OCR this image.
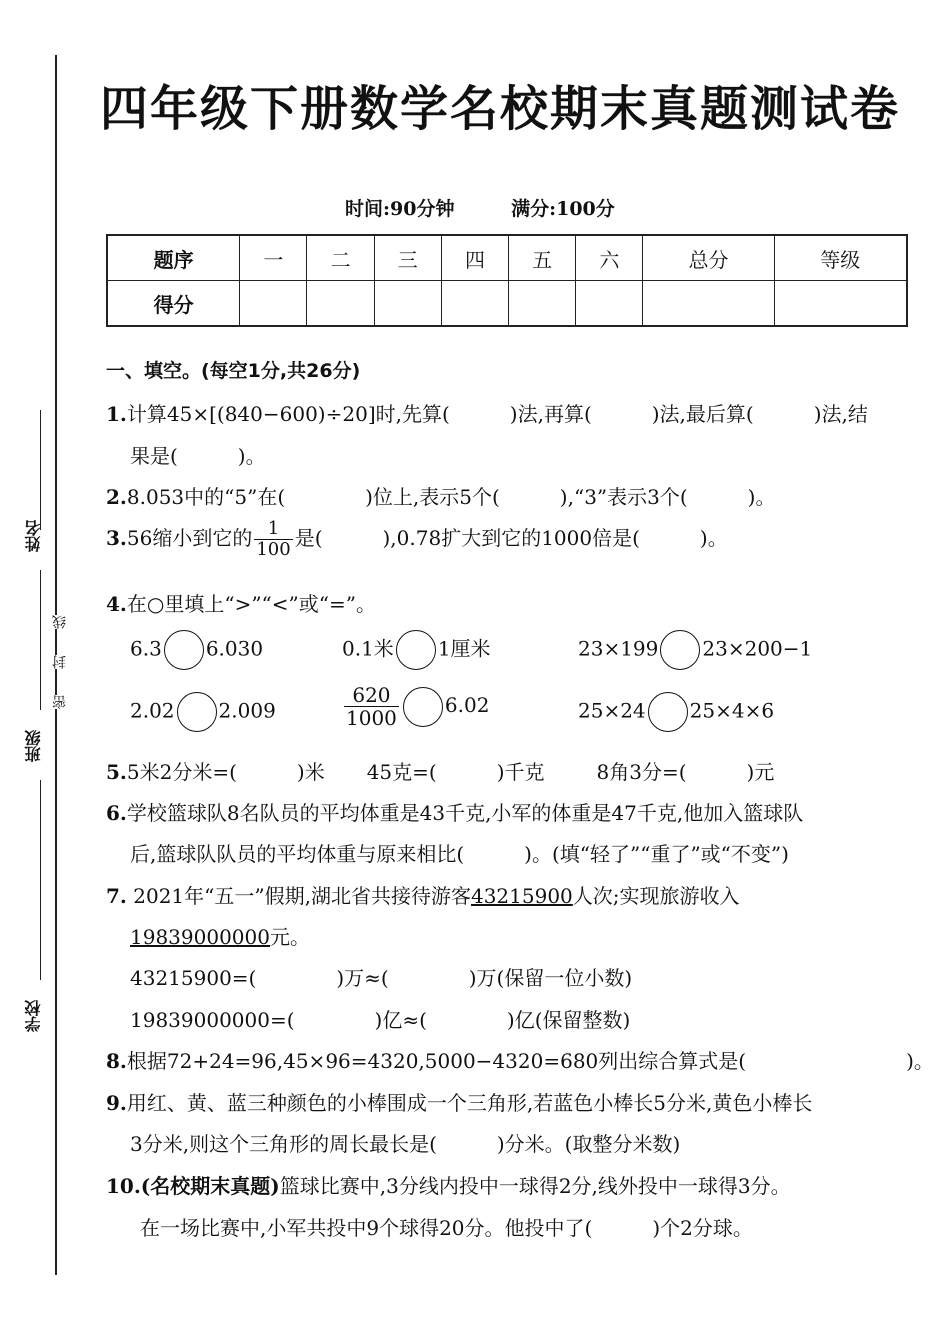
姓名
班级
学校
线
封
密
四年级下册数学名校期末真题测试卷
时间:90分钟	满分:100分
题序	一	二	三	四	五	六	总分	等级
得分								
一、填空。(每空1分,共26分)
1.计算45×[(840−600)÷20]时,先算(　　　)法,再算(　　　)法,最后算(　　　)法,结
果是(　　　)。
2.8.053中的“5”在(　　　　)位上,表示5个(　　　),“3”表示3个(　　　)。
3.56缩小到它的 $\frac{1}{100}$ 是(　　　),0.78扩大到它的1000倍是(　　　)。
4.在○里填上“>”“<”或“=”。
6.3 6.030	0.1米 1厘米	23×199 23×200−1
2.02 2.009	$\frac{620}{1000} 6.02$	25×24 25×4×6
5.5米2分米=(　　　)米 45克=(　　　)千克	8角3分=(　　　)元
6.学校篮球队8名队员的平均体重是43千克,小军的体重是47千克,他加入篮球队
后,篮球队队员的平均体重与原来相比(　　　)。(填“轻了”“重了”或“不变”)
7. 2021年“五一”假期,湖北省共接待游客43215900人次;实现旅游收入
19839000000元。
43215900=(　　　　)万≈(　　　　)万(保留一位小数)
19839000000=(　　　　)亿≈(　　　　)亿(保留整数)
8.根据72+24=96,45×96=4320,5000−4320=680列出综合算式是(　　　　　　　　)。
9.用红、黄、蓝三种颜色的小棒围成一个三角形,若蓝色小棒长5分米,黄色小棒长
3分米,则这个三角形的周长最长是(　　　)分米。(取整分米数)
10.(名校期末真题)篮球比赛中,3分线内投中一球得2分,线外投中一球得3分。
在一场比赛中,小军共投中9个球得20分。他投中了(　　　)个2分球。
